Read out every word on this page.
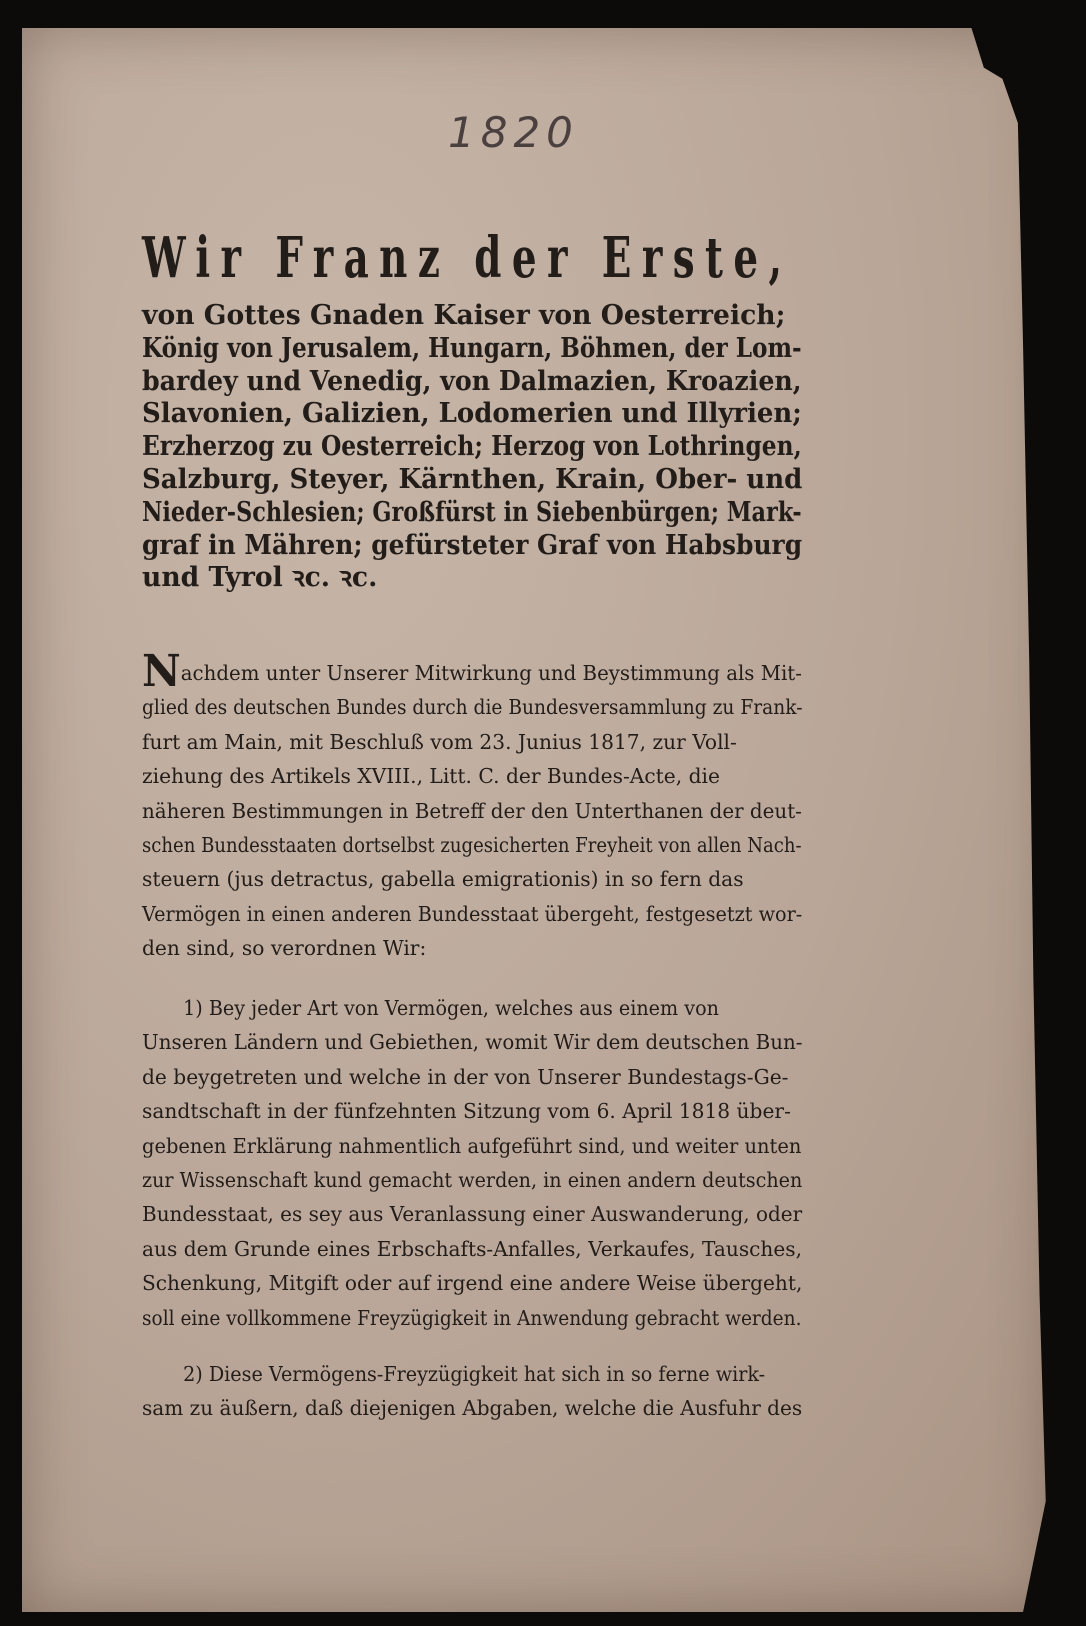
1820
Wir Franz der Erste,
von Gottes Gnaden Kaiser von Oesterreich;
König von Jerusalem, Hungarn, Böhmen, der Lom-
bardey und Venedig, von Dalmazien, Kroazien,
Slavonien, Galizien, Lodomerien und Illyrien;
Erzherzog zu Oesterreich; Herzog von Lothringen,
Salzburg, Steyer, Kärnthen, Krain, Ober- und
Nieder-Schlesien; Großfürst in Siebenbürgen; Mark-
graf in Mähren; gefürsteter Graf von Habsburg
und Tyrol ꝛc. ꝛc.
Nachdem unter Unserer Mitwirkung und Beystimmung als Mit-
glied des deutschen Bundes durch die Bundesversammlung zu Frank-
furt am Main, mit Beschluß vom 23. Junius 1817, zur Voll-
ziehung des Artikels XVIII., Litt. C. der Bundes-Acte, die
näheren Bestimmungen in Betreff der den Unterthanen der deut-
schen Bundesstaaten dortselbst zugesicherten Freyheit von allen Nach-
steuern (jus detractus, gabella emigrationis) in so fern das
Vermögen in einen anderen Bundesstaat übergeht, festgesetzt wor-
den sind, so verordnen Wir:
1) Bey jeder Art von Vermögen, welches aus einem von
Unseren Ländern und Gebiethen, womit Wir dem deutschen Bun-
de beygetreten und welche in der von Unserer Bundestags-Ge-
sandtschaft in der fünfzehnten Sitzung vom 6. April 1818 über-
gebenen Erklärung nahmentlich aufgeführt sind, und weiter unten
zur Wissenschaft kund gemacht werden, in einen andern deutschen
Bundesstaat, es sey aus Veranlassung einer Auswanderung, oder
aus dem Grunde eines Erbschafts-Anfalles, Verkaufes, Tausches,
Schenkung, Mitgift oder auf irgend eine andere Weise übergeht,
soll eine vollkommene Freyzügigkeit in Anwendung gebracht werden.
2) Diese Vermögens-Freyzügigkeit hat sich in so ferne wirk-
sam zu äußern, daß diejenigen Abgaben, welche die Ausfuhr des
